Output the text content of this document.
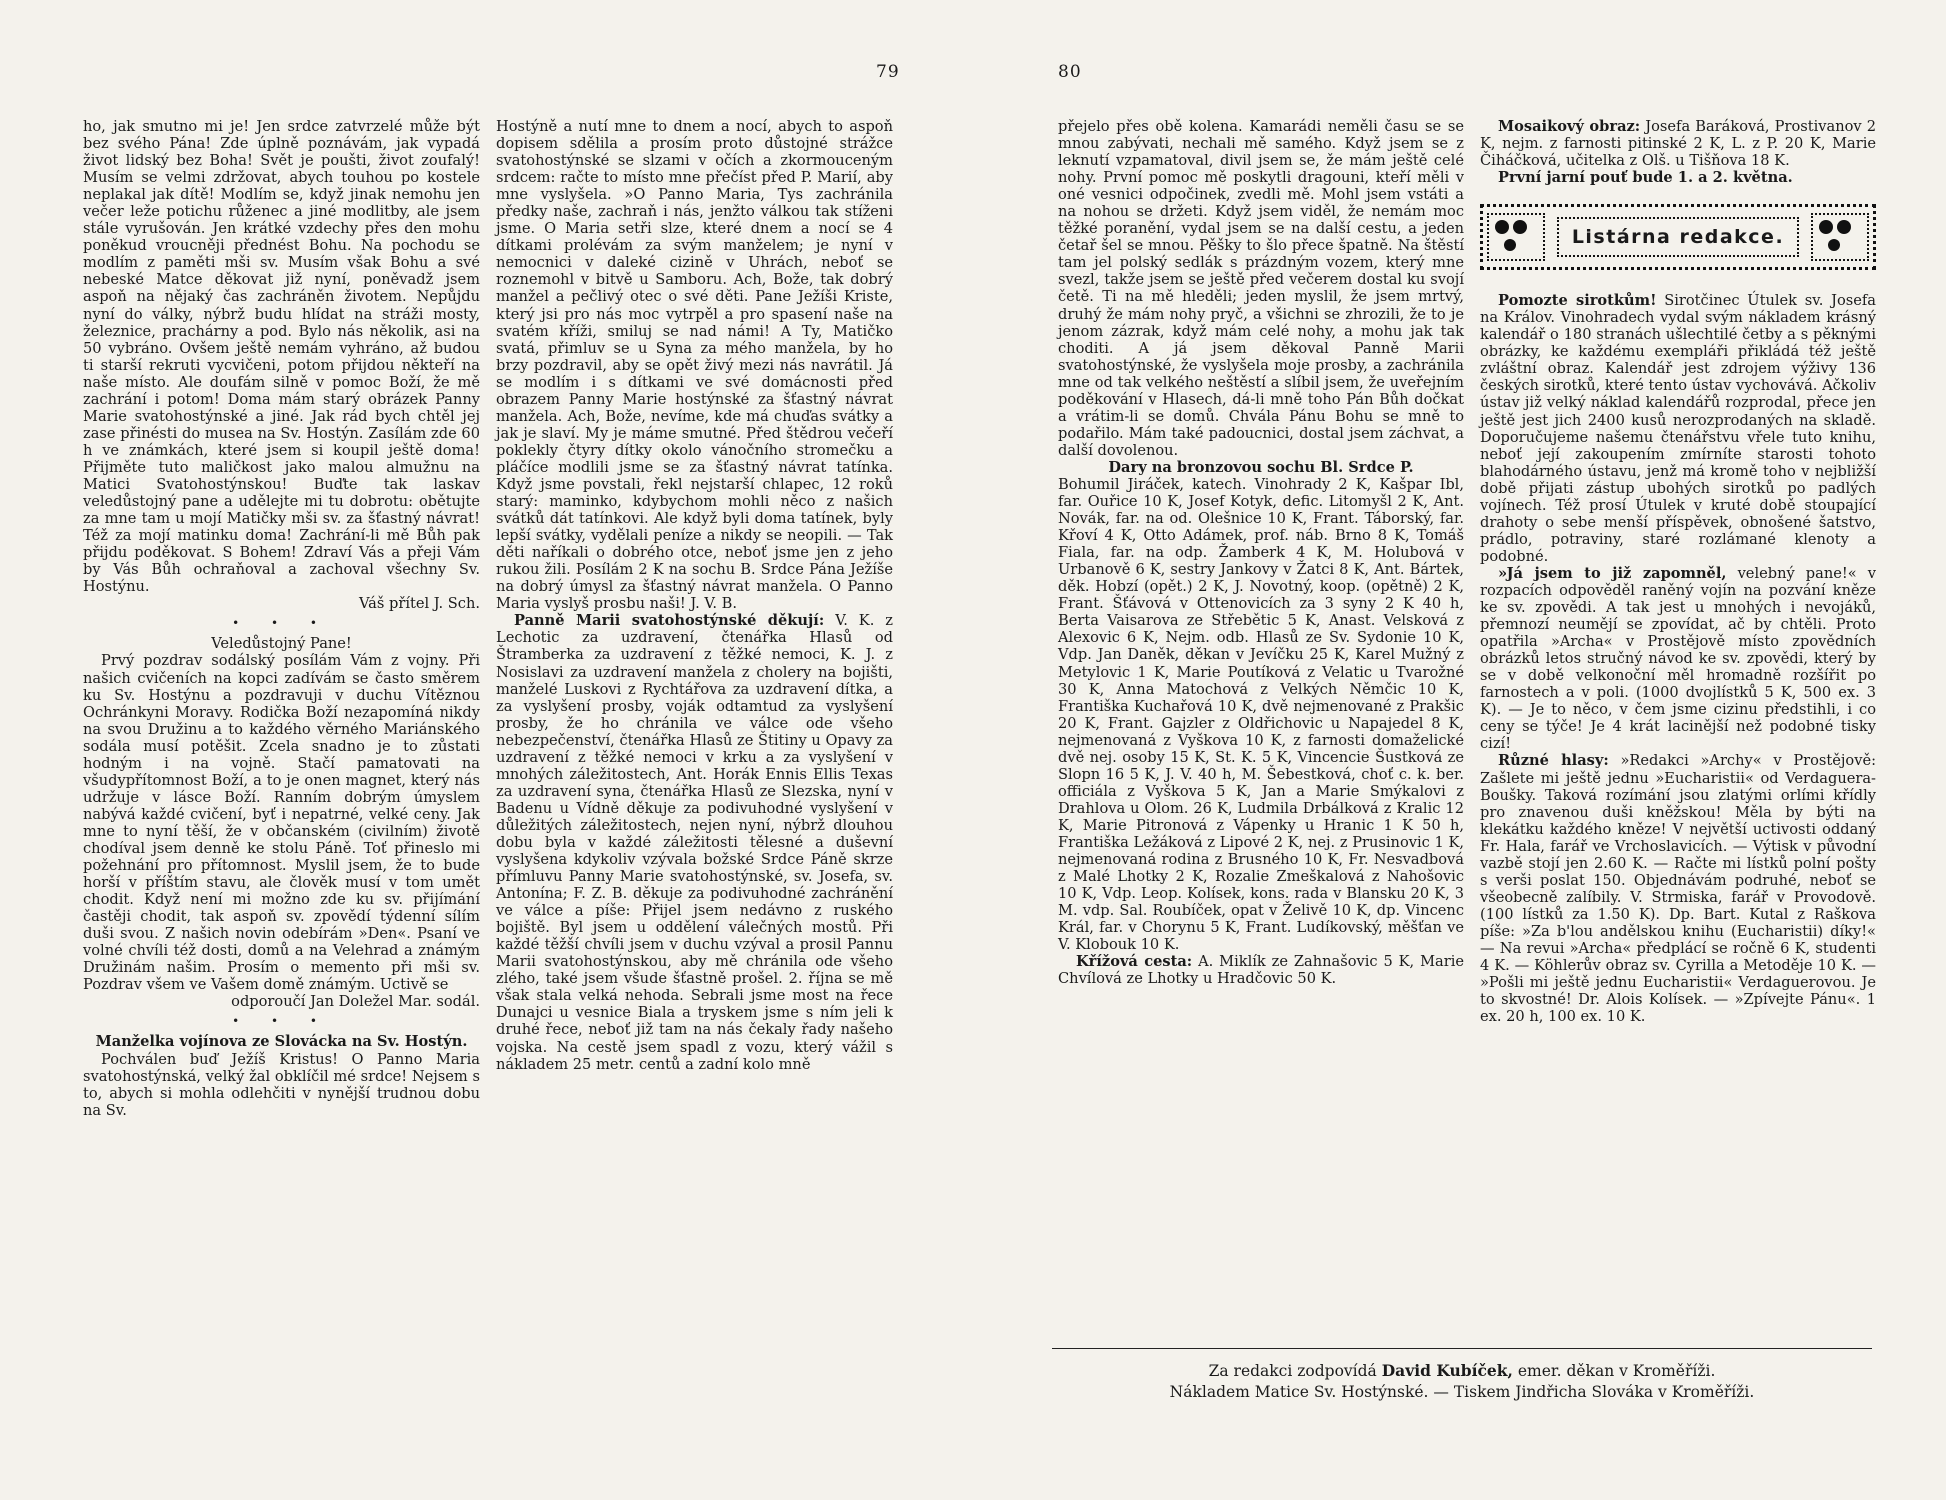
79	80

ho, jak smutno mi je! Jen srdce zatvrzelé může být bez svého Pána! Zde úplně poznávám, jak vypadá život lidský bez Boha! Svět je poušti, život zoufalý! Musím se velmi zdržovat, abych touhou po kostele neplakal jak dítě! Modlím se, když jinak nemohu jen večer leže potichu růženec a jiné modlitby, ale jsem stále vyrušován. Jen krátké vzdechy přes den mohu poněkud vroucněji přednést Bohu. Na pochodu se modlím z paměti mši sv. Musím však Bohu a své nebeské Matce děkovat již nyní, poněvadž jsem aspoň na nějaký čas zachráněn životem. Nepůjdu nyní do války, nýbrž budu hlídat na stráži mosty, železnice, prachárny a pod. Bylo nás několik, asi na 50 vybráno. Ovšem ještě nemám vyhráno, až budou ti starší rekruti vycvičeni, potom přijdou někteří na naše místo. Ale doufám silně v pomoc Boží, že mě zachrání i potom! Doma mám starý obrázek Panny Marie svatohostýnské a jiné. Jak rád bych chtěl jej zase přinésti do musea na Sv. Hostýn. Zasílám zde 60 h ve známkách, které jsem si koupil ještě doma! Přijměte tuto maličkost jako malou almužnu na Matici Svatohostýnskou! Buďte tak laskav veledůstojný pane a udělejte mi tu dobrotu: obětujte za mne tam u mojí Matičky mši sv. za šťastný návrat! Též za mojí matinku doma! Zachrání-li mě Bůh pak přijdu poděkovat. S Bohem! Zdraví Vás a přeji Vám by Vás Bůh ochraňoval a zachoval všechny Sv. Hostýnu.

Váš přítel J. Sch.

• • •

Veledůstojný Pane!

Prvý pozdrav sodálský posílám Vám z vojny. Při našich cvičeních na kopci zadívám se často směrem ku Sv. Hostýnu a pozdravuji v duchu Vítěznou Ochránkyni Moravy. Rodička Boží nezapomíná nikdy na svou Družinu a to každého věrného Mariánského sodála musí potěšit. Zcela snadno je to zůstati hodným i na vojně. Stačí pamatovati na všudypřítomnost Boží, a to je onen magnet, který nás udržuje v lásce Boží. Ranním dobrým úmyslem nabývá každé cvičení, byť i nepatrné, velké ceny. Jak mne to nyní těší, že v občanském (civilním) životě chodíval jsem denně ke stolu Páně. Toť přineslo mi požehnání pro přítomnost. Myslil jsem, že to bude horší v příštím stavu, ale člověk musí v tom umět chodit. Když není mi možno zde ku sv. přijímání častěji chodit, tak aspoň sv. zpovědí týdenní sílím duši svou. Z našich novin odebírám »Den«. Psaní ve volné chvíli též dosti, domů a na Velehrad a známým Družinám našim. Prosím o memento při mši sv. Pozdrav všem ve Vašem domě známým. Uctivě se

odporoučí Jan Doležel Mar. sodál.

• • •

Manželka vojínova ze Slovácka na Sv. Hostýn.

Pochválen buď Ježíš Kristus! O Panno Maria svatohostýnská, velký žal obklíčil mé srdce! Nejsem s to, abych si mohla odlehčiti v nynější trudnou dobu na Sv.

Hostýně a nutí mne to dnem a nocí, abych to aspoň dopisem sdělila a prosím proto důstojné strážce svatohostýnské se slzami v očích a zkormouceným srdcem: račte to místo mne přečíst před P. Marií, aby mne vyslyšela. »O Panno Maria, Tys zachránila předky naše, zachraň i nás, jenžto válkou tak stíženi jsme. O Maria setři slze, které dnem a nocí se 4 dítkami prolévám za svým manželem; je nyní v nemocnici v daleké cizině v Uhrách, neboť se roznemohl v bitvě u Samboru. Ach, Bože, tak dobrý manžel a pečlivý otec o své děti. Pane Ježíši Kriste, který jsi pro nás moc vytrpěl a pro spasení naše na svatém kříži, smiluj se nad námi! A Ty, Matičko svatá, přimluv se u Syna za mého manžela, by ho brzy pozdravil, aby se opět živý mezi nás navrátil. Já se modlím i s dítkami ve své domácnosti před obrazem Panny Marie hostýnské za šťastný návrat manžela. Ach, Bože, nevíme, kde má chuďas svátky a jak je slaví. My je máme smutné. Před štědrou večeří poklekly čtyry dítky okolo vánočního stromečku a pláčíce modlili jsme se za šťastný návrat tatínka. Když jsme povstali, řekl nejstarší chlapec, 12 roků starý: maminko, kdybychom mohli něco z našich svátků dát tatínkovi. Ale když byli doma tatínek, byly lepší svátky, vydělali peníze a nikdy se neopili. — Tak děti naříkali o dobrého otce, neboť jsme jen z jeho rukou žili. Posílám 2 K na sochu B. Srdce Pána Ježíše na dobrý úmysl za šťastný návrat manžela. O Panno Maria vyslyš prosbu naši! J. V. B.

Panně Marii svatohostýnské děkují: V. K. z Lechotic za uzdravení, čtenářka Hlasů od Štramberka za uzdravení z těžké nemoci, K. J. z Nosislavi za uzdravení manžela z cholery na bojišti, manželé Luskovi z Rychtářova za uzdravení dítka, a za vyslyšení prosby, voják odtamtud za vyslyšení prosby, že ho chránila ve válce ode všeho nebezpečenství, čtenářka Hlasů ze Štitiny u Opavy za uzdravení z těžké nemoci v krku a za vyslyšení v mnohých záležitostech, Ant. Horák Ennis Ellis Texas za uzdravení syna, čtenářka Hlasů ze Slezska, nyní v Badenu u Vídně děkuje za podivuhodné vyslyšení v důležitých záležitostech, nejen nyní, nýbrž dlouhou dobu byla v každé záležitosti tělesné a duševní vyslyšena kdykoliv vzývala božské Srdce Páně skrze přímluvu Panny Marie svatohostýnské, sv. Josefa, sv. Antonína; F. Z. B. děkuje za podivuhodné zachránění ve válce a píše: Přijel jsem nedávno z ruského bojiště. Byl jsem u oddělení válečných mostů. Při každé těžší chvíli jsem v duchu vzýval a prosil Pannu Marii svatohostýnskou, aby mě chránila ode všeho zlého, také jsem všude šťastně prošel. 2. října se mě však stala velká nehoda. Sebrali jsme most na řece Dunajci u vesnice Biala a tryskem jsme s ním jeli k druhé řece, neboť již tam na nás čekaly řady našeho vojska. Na cestě jsem spadl z vozu, který vážil s nákladem 25 metr. centů a zadní kolo mně

přejelo přes obě kolena. Kamarádi neměli času se se mnou zabývati, nechali mě samého. Když jsem se z leknutí vzpamatoval, divil jsem se, že mám ještě celé nohy. První pomoc mě poskytli dragouni, kteří měli v oné vesnici odpočinek, zvedli mě. Mohl jsem vstáti a na nohou se držeti. Když jsem viděl, že nemám moc těžké poranění, vydal jsem se na další cestu, a jeden četař šel se mnou. Pěšky to šlo přece špatně. Na štěstí tam jel polský sedlák s prázdným vozem, který mne svezl, takže jsem se ještě před večerem dostal ku svojí četě. Ti na mě hleděli; jeden myslil, že jsem mrtvý, druhý že mám nohy pryč, a všichni se zhrozili, že to je jenom zázrak, když mám celé nohy, a mohu jak tak choditi. A já jsem děkoval Panně Marii svatohostýnské, že vyslyšela moje prosby, a zachránila mne od tak velkého neštěstí a slíbil jsem, že uveřejním poděkování v Hlasech, dá-li mně toho Pán Bůh dočkat a vrátim-li se domů. Chvála Pánu Bohu se mně to podařilo. Mám také padoucnici, dostal jsem záchvat, a další dovolenou.

Dary na bronzovou sochu Bl. Srdce P.

Bohumil Jiráček, katech. Vinohrady 2 K, Kašpar Ibl, far. Ouřice 10 K, Josef Kotyk, defic. Litomyšl 2 K, Ant. Novák, far. na od. Olešnice 10 K, Frant. Táborský, far. Křoví 4 K, Otto Adámek, prof. náb. Brno 8 K, Tomáš Fiala, far. na odp. Žamberk 4 K, M. Holubová v Urbanově 6 K, sestry Jankovy v Žatci 8 K, Ant. Bártek, děk. Hobzí (opět.) 2 K, J. Novotný, koop. (opětně) 2 K, Frant. Šťávová v Ottenovicích za 3 syny 2 K 40 h, Berta Vaisarova ze Střebětic 5 K, Anast. Velsková z Alexovic 6 K, Nejm. odb. Hlasů ze Sv. Sydonie 10 K, Vdp. Jan Daněk, děkan v Jevíčku 25 K, Karel Mužný z Metylovic 1 K, Marie Poutíková z Velatic u Tvarožné 30 K, Anna Matochová z Velkých Němčic 10 K, Františka Kuchařová 10 K, dvě nejmenované z Prakšic 20 K, Frant. Gajzler z Oldřichovic u Napajedel 8 K, nejmenovaná z Vyškova 10 K, z farnosti domaželické dvě nej. osoby 15 K, St. K. 5 K, Vincencie Šustková ze Slopn 16 5 K, J. V. 40 h, M. Šebestková, choť c. k. ber. officiála z Vyškova 5 K, Jan a Marie Smýkalovi z Drahlova u Olom. 26 K, Ludmila Drbálková z Kralic 12 K, Marie Pitronová z Vápenky u Hranic 1 K 50 h, Františka Ležáková z Lipové 2 K, nej. z Prusinovic 1 K, nejmenovaná rodina z Brusného 10 K, Fr. Nesvadbová z Malé Lhotky 2 K, Rozalie Zmeškalová z Nahošovic 10 K, Vdp. Leop. Kolísek, kons. rada v Blansku 20 K, 3 M. vdp. Sal. Roubíček, opat v Želivě 10 K, dp. Vincenc Král, far. v Chorynu 5 K, Frant. Ludíkovský, měšťan ve V. Klobouk 10 K.

Křížová cesta: A. Miklík ze Zahnašovic 5 K, Marie Chvílová ze Lhotky u Hradčovic 50 K.

Mosaikový obraz: Josefa Baráková, Prostivanov 2 K, nejm. z farnosti pitinské 2 K, L. z P. 20 K, Marie Čiháčková, učitelka z Olš. u Tišňova 18 K.

První jarní pouť bude 1. a 2. května.

Listárna redakce.

Pomozte sirotkům! Sirotčinec Útulek sv. Josefa na Králov. Vinohradech vydal svým nákladem krásný kalendář o 180 stranách ušlechtilé četby a s pěknými obrázky, ke každému exempláři přikládá též ještě zvláštní obraz. Kalendář jest zdrojem výživy 136 českých sirotků, které tento ústav vychovává. Ačkoliv ústav již velký náklad kalendářů rozprodal, přece jen ještě jest jich 2400 kusů nerozprodaných na skladě. Doporučujeme našemu čtenářstvu vřele tuto knihu, neboť její zakoupením zmírníte starosti tohoto blahodárného ústavu, jenž má kromě toho v nejbližší době přijati zástup ubohých sirotků po padlých vojínech. Též prosí Útulek v kruté době stoupající drahoty o sebe menší příspěvek, obnošené šatstvo, prádlo, potraviny, staré rozlámané klenoty a podobné.

»Já jsem to již zapomněl, velebný pane!« v rozpacích odpověděl raněný vojín na pozvání kněze ke sv. zpovědi. A tak jest u mnohých i nevojáků, přemnozí neumějí se zpovídat, ač by chtěli. Proto opatřila »Archa« v Prostějově místo zpovědních obrázků letos stručný návod ke sv. zpovědi, který by se v době velkonoční měl hromadně rozšířit po farnostech a v poli. (1000 dvojlístků 5 K, 500 ex. 3 K). — Je to něco, v čem jsme cizinu předstihli, i co ceny se týče! Je 4 krát lacinější než podobné tisky cizí!

Různé hlasy: »Redakci »Archy« v Prostějově: Zašlete mi ještě jednu »Eucharistii« od Verdaguera-Boušky. Taková rozímání jsou zlatými orlími křídly pro znavenou duši kněžskou! Měla by býti na klekátku každého kněze! V největší uctivosti oddaný Fr. Hala, farář ve Vrchoslavicích. — Výtisk v původní vazbě stojí jen 2.60 K. — Račte mi lístků polní pošty s verši poslat 150. Objednávám podruhé, neboť se všeobecně zalíbily. V. Strmiska, farář v Provodově. (100 lístků za 1.50 K). Dp. Bart. Kutal z Raškova píše: »Za b'lou andělskou knihu (Eucharistii) díky!« — Na revui »Archa« předplácí se ročně 6 K, studenti 4 K. — Köhlerův obraz sv. Cyrilla a Metoděje 10 K. — »Pošli mi ještě jednu Eucharistii« Verdaguerovou. Je to skvostné! Dr. Alois Kolísek. — »Zpívejte Pánu«. 1 ex. 20 h, 100 ex. 10 K.

Za redakci zodpovídá David Kubíček, emer. děkan v Kroměříži.
Nákladem Matice Sv. Hostýnské. — Tiskem Jindřicha Slováka v Kroměříži.
